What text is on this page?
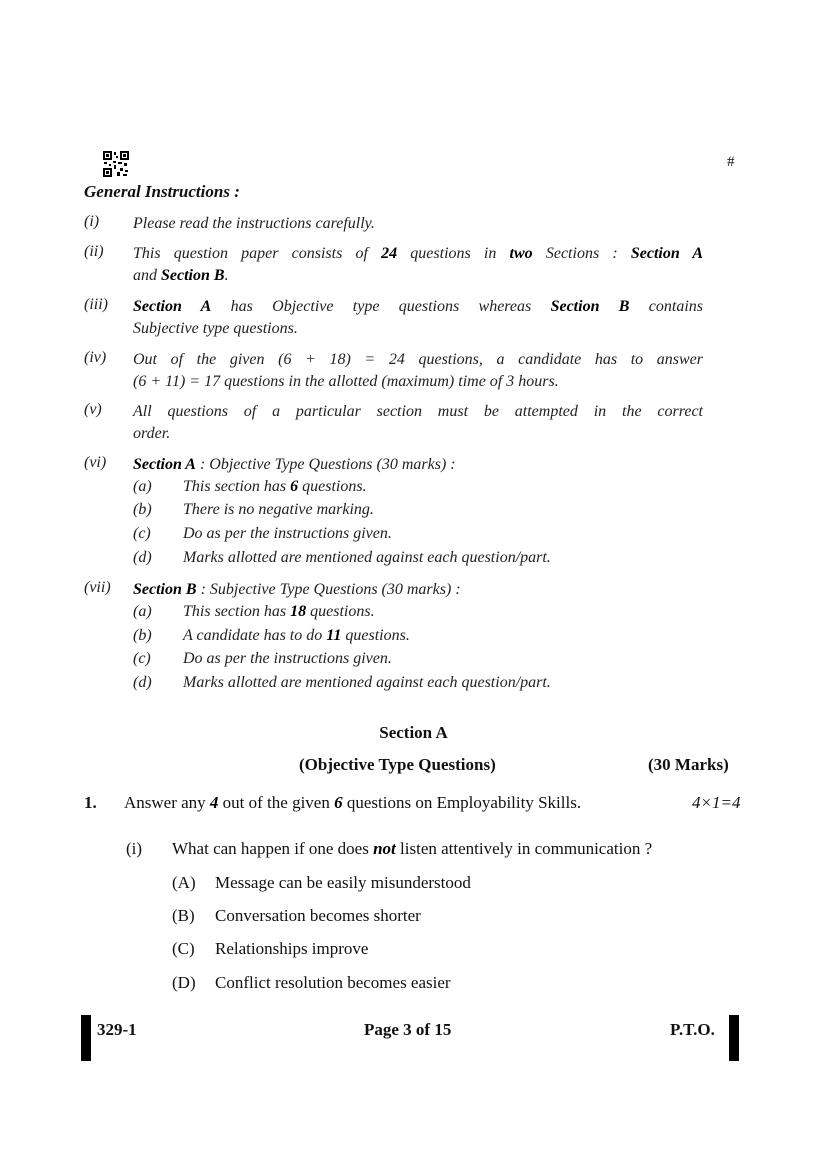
#
General Instructions :
(i) Please read the instructions carefully.
(ii) This question paper consists of 24 questions in two Sections : Section A
and Section B.
(iii) Section A has Objective type questions whereas Section B contains
Subjective type questions.
(iv) Out of the given (6 + 18) = 24 questions, a candidate has to answer
(6 + 11) = 17 questions in the allotted (maximum) time of 3 hours.
(v) All questions of a particular section must be attempted in the correct
order.
(vi) Section A : Objective Type Questions (30 marks) :
(a) This section has 6 questions.
(b) There is no negative marking.
(c) Do as per the instructions given.
(d) Marks allotted are mentioned against each question/part.
(vii) Section B : Subjective Type Questions (30 marks) :
(a) This section has 18 questions.
(b) A candidate has to do 11 questions.
(c) Do as per the instructions given.
(d) Marks allotted are mentioned against each question/part.
Section A
(Objective Type Questions)	(30 Marks)
1. Answer any 4 out of the given 6 questions on Employability Skills.	4×1=4
(i) What can happen if one does not listen attentively in communication ?
(A) Message can be easily misunderstood
(B) Conversation becomes shorter
(C) Relationships improve
(D) Conflict resolution becomes easier
329-1	Page 3 of 15	P.T.O.
